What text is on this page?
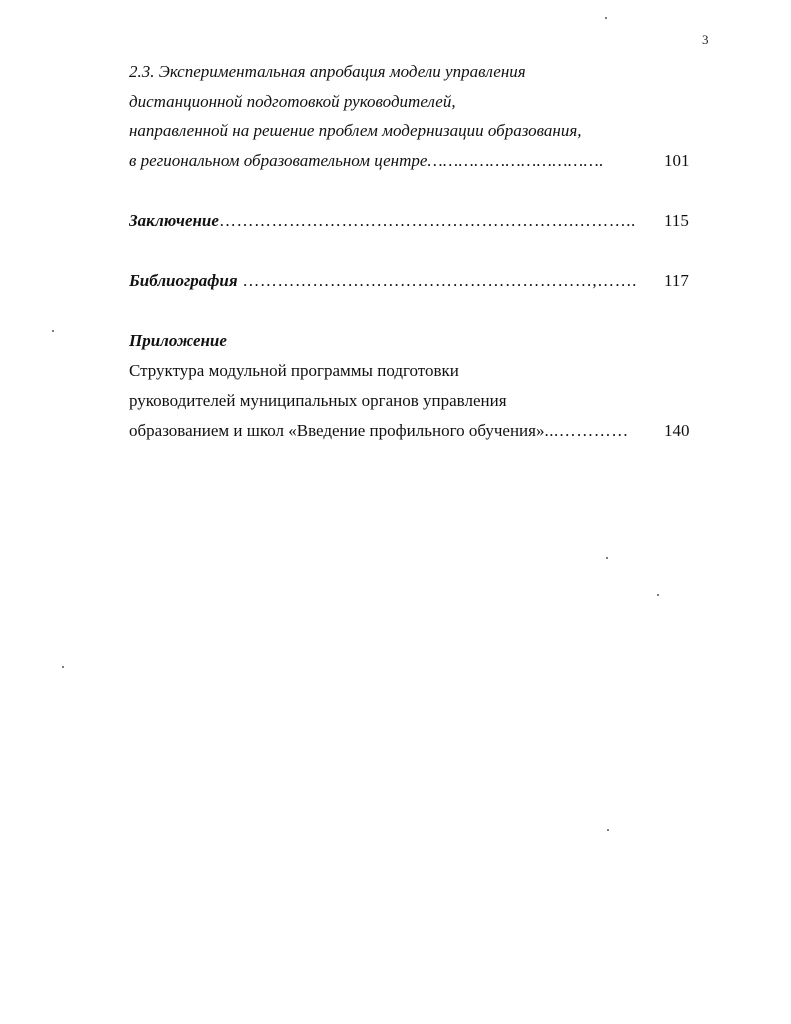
3
2.3. Экспериментальная апробация модели управления
дистанционной подготовкой руководителей,
направленной на решение проблем модернизации образования,
в региональном образовательном центре…………………………….	101
Заключение…………………………………………………….………..	115
Библиография ……………………………………………………,…….	117
Приложение
Структура модульной программы подготовки
руководителей муниципальных органов управления
образованием и школ «Введение профильного обучения»...…………	140
